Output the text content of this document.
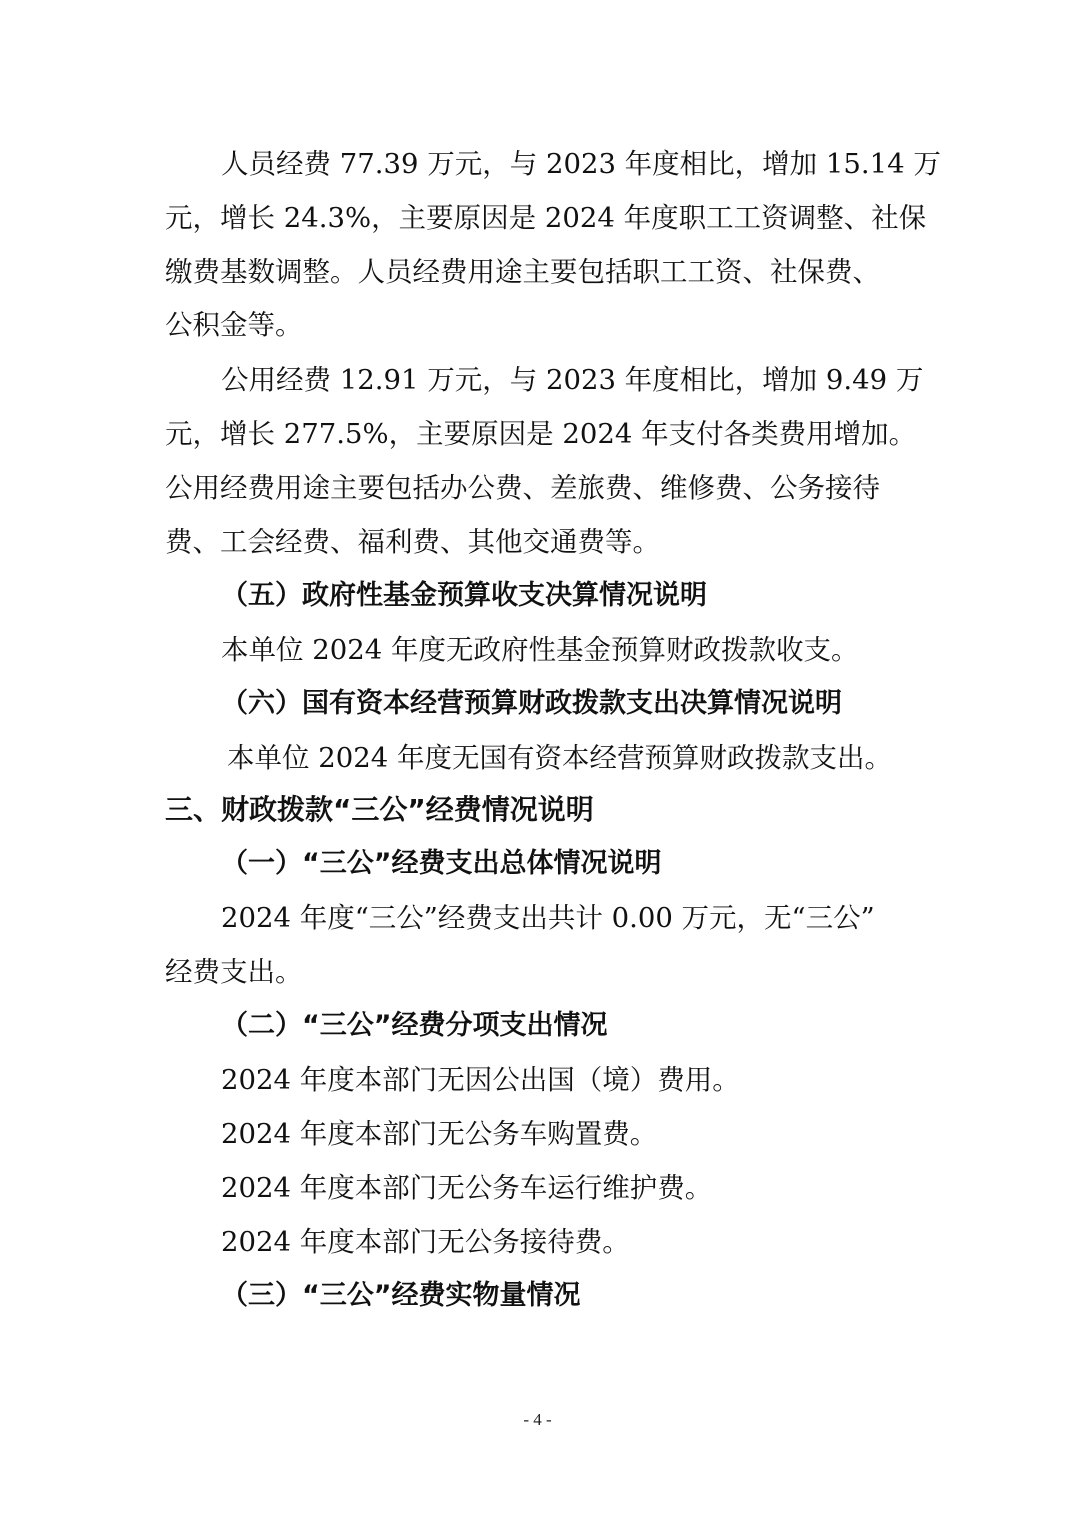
人员经费 77.39 万元，与 2023 年度相比，增加 15.14 万
元，增长 24.3%，主要原因是 2024 年度职工工资调整、社保
缴费基数调整。人员经费用途主要包括职工工资、社保费、
公积金等。
公用经费 12.91 万元，与 2023 年度相比，增加 9.49 万
元，增长 277.5%，主要原因是 2024 年支付各类费用增加。
公用经费用途主要包括办公费、差旅费、维修费、公务接待
费、工会经费、福利费、其他交通费等。
（五）政府性基金预算收支决算情况说明
本单位 2024 年度无政府性基金预算财政拨款收支。
（六）国有资本经营预算财政拨款支出决算情况说明
本单位 2024 年度无国有资本经营预算财政拨款支出。
三、财政拨款“三公”经费情况说明
（一）“三公”经费支出总体情况说明
2024 年度“三公”经费支出共计 0.00 万元，无“三公”
经费支出。
（二）“三公”经费分项支出情况
2024 年度本部门无因公出国（境）费用。
2024 年度本部门无公务车购置费。
2024 年度本部门无公务车运行维护费。
2024 年度本部门无公务接待费。
（三）“三公”经费实物量情况
- 4 -
